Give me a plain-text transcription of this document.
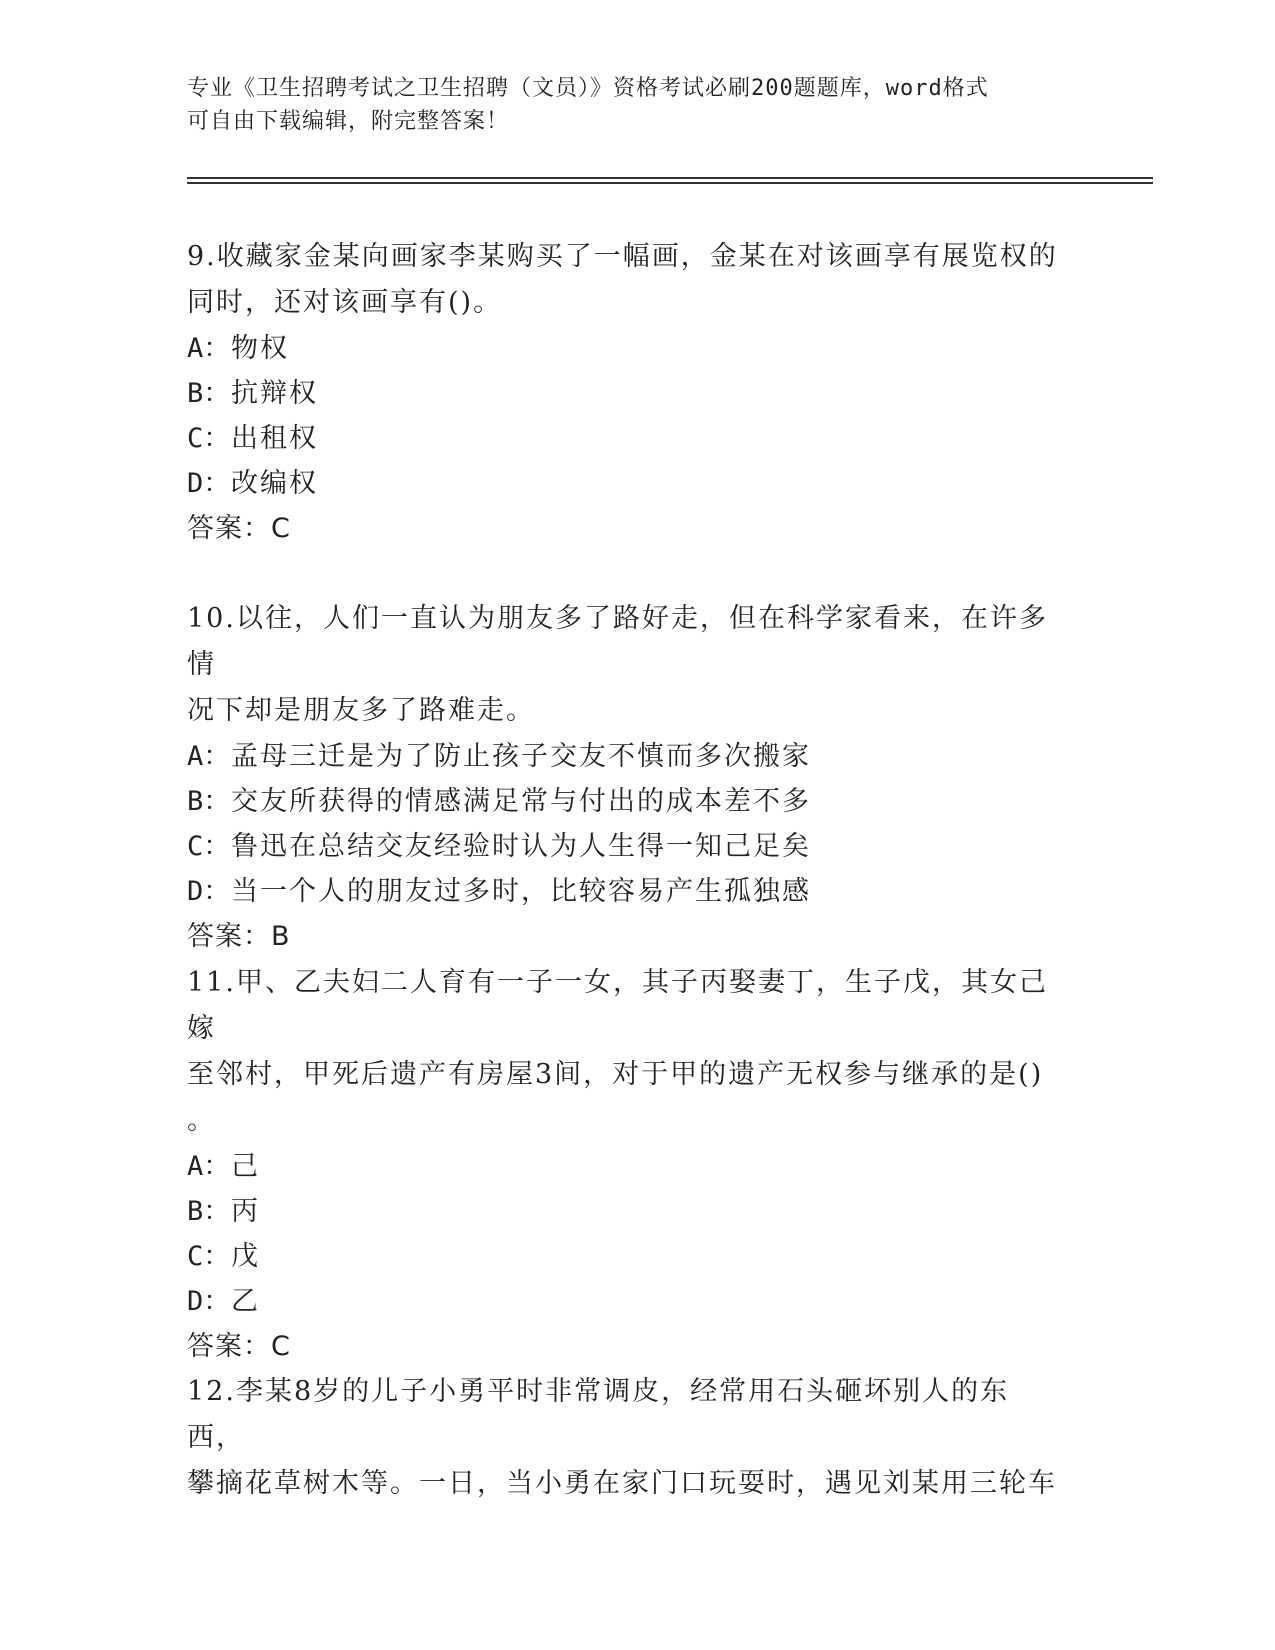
专业《卫生招聘考试之卫生招聘（文员）》资格考试必刷200题题库，word格式
可自由下载编辑，附完整答案！

9.收藏家金某向画家李某购买了一幅画，金某在对该画享有展览权的
同时，还对该画享有()。

A：物权

B：抗辩权

C：出租权

D：改编权

答案：C

10.以往，人们一直认为朋友多了路好走，但在科学家看来，在许多情
况下却是朋友多了路难走。

A：孟母三迁是为了防止孩子交友不慎而多次搬家

B：交友所获得的情感满足常与付出的成本差不多

C：鲁迅在总结交友经验时认为人生得一知己足矣

D：当一个人的朋友过多时，比较容易产生孤独感

答案：B

11.甲、乙夫妇二人育有一子一女，其子丙娶妻丁，生子戊，其女己嫁
至邻村，甲死后遗产有房屋3间，对于甲的遗产无权参与继承的是()
。

A：己

B：丙

C：戊

D：乙

答案：C

12.李某8岁的儿子小勇平时非常调皮，经常用石头砸坏别人的东西，
攀摘花草树木等。一日，当小勇在家门口玩耍时，遇见刘某用三轮车
